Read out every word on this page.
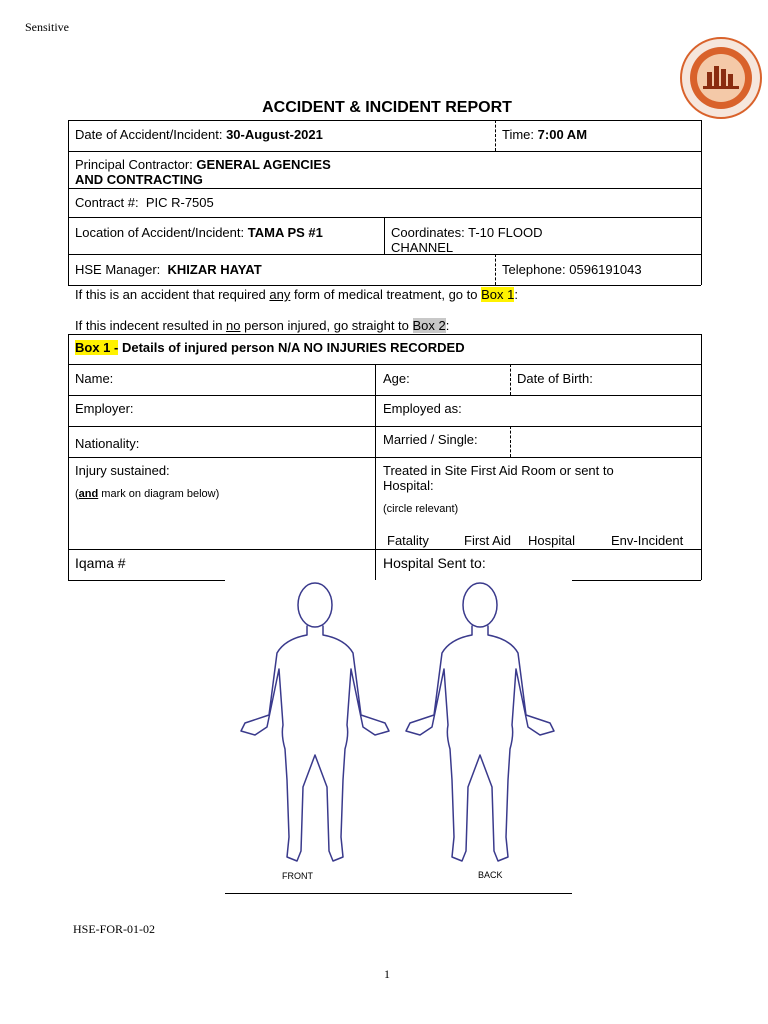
Sensitive
ACCIDENT & INCIDENT REPORT
Date of Accident/Incident: 30-August-2021	Time: 7:00 AM
Principal Contractor: GENERAL AGENCIES
AND CONTRACTING
Contract #: PIC R-7505
Location of Accident/Incident: TAMA PS #1	Coordinates: T-10 FLOOD
CHANNEL
HSE Manager: KHIZAR HAYAT	Telephone: 0596191043
If this is an accident that required any form of medical treatment, go to Box 1:
If this indecent resulted in no person injured, go straight to Box 2:
Box 1 - Details of injured person N/A NO INJURIES RECORDED
Name:	Age:	Date of Birth:
Employer:	Employed as:
Nationality:	Married / Single:
Injury sustained:
(and mark on diagram below)
Treated in Site First Aid Room or sent to
Hospital:
(circle relevant)
Fatality	First Aid Hospital	Env-Incident
Iqama #	Hospital Sent to:
FRONT	BACK
HSE-FOR-01-02
1
